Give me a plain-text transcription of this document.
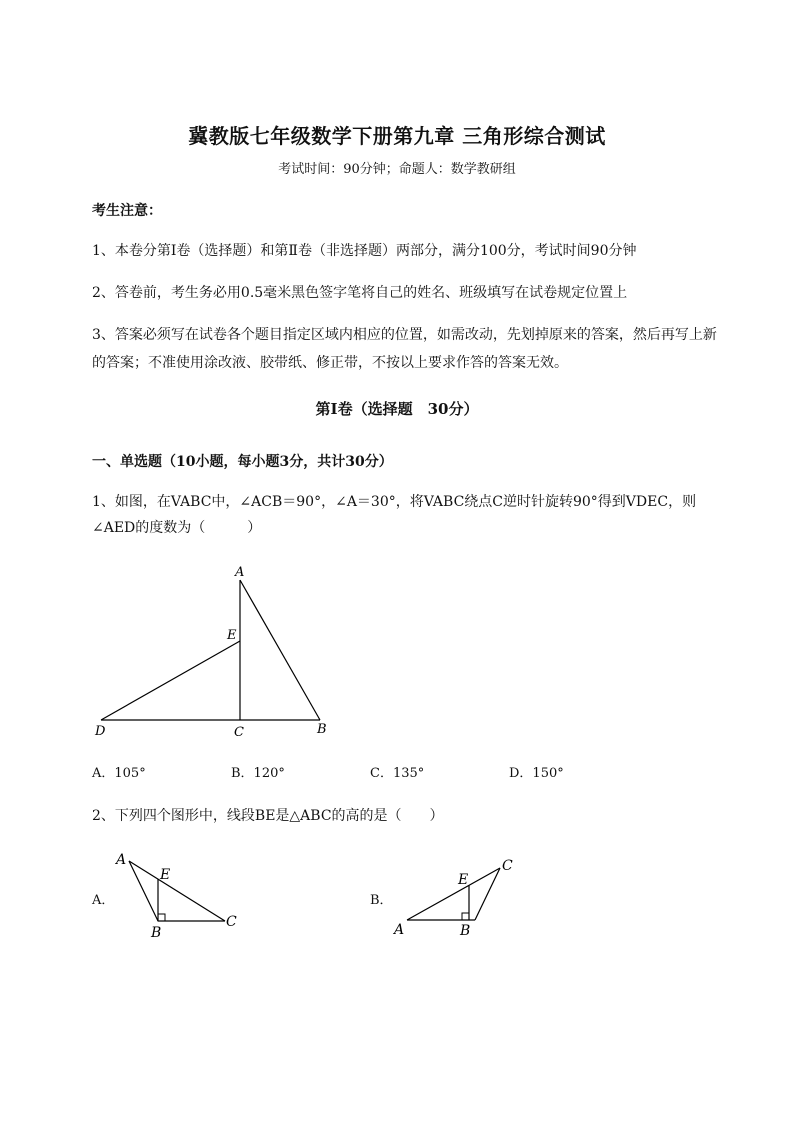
冀教版七年级数学下册第九章 三角形综合测试
考试时间：90分钟；命题人：数学教研组
考生注意：
1、本卷分第I卷（选择题）和第Ⅱ卷（非选择题）两部分，满分100分，考试时间90分钟
2、答卷前，考生务必用0.5毫米黑色签字笔将自己的姓名、班级填写在试卷规定位置上
3、答案必须写在试卷各个题目指定区域内相应的位置，如需改动，先划掉原来的答案，然后再写上新的答案；不准使用涂改液、胶带纸、修正带，不按以上要求作答的答案无效。
第I卷（选择题　30分）
一、单选题（10小题，每小题3分，共计30分）
1、如图，在VABC中，∠ACB＝90°，∠A＝30°，将VABC绕点C逆时针旋转90°得到VDEC，则∠AED的度数为（　　　）
A
E
D	C	B
A．105°	B．120°	C．135°	D．150°
2、下列四个图形中，线段BE是△ABC的高的是（　　）
A．
A
E
B
C
B．
A
E
B
C
